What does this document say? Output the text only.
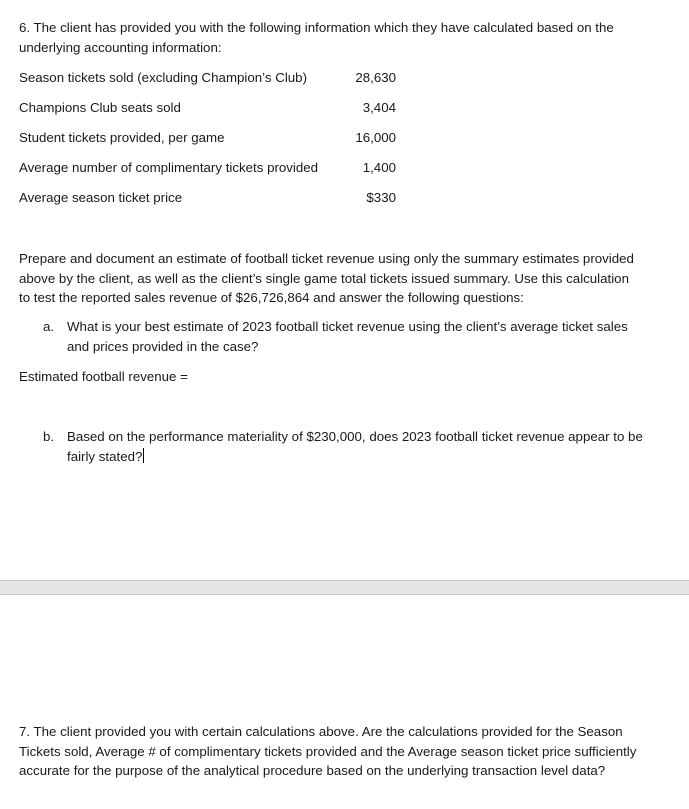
6. The client has provided you with the following information which they have calculated based on the underlying accounting information:

Season tickets sold (excluding Champion’s Club)	28,630
Champions Club seats sold	3,404
Student tickets provided, per game	16,000
Average number of complimentary tickets provided	1,400
Average season ticket price	$330

Prepare and document an estimate of football ticket revenue using only the summary estimates provided above by the client, as well as the client’s single game total tickets issued summary. Use this calculation to test the reported sales revenue of $26,726,864 and answer the following questions:

a. What is your best estimate of 2023 football ticket revenue using the client’s average ticket sales and prices provided in the case?

Estimated football revenue =

b. Based on the performance materiality of $230,000, does 2023 football ticket revenue appear to be fairly stated?

7. The client provided you with certain calculations above. Are the calculations provided for the Season Tickets sold, Average # of complimentary tickets provided and the Average season ticket price sufficiently accurate for the purpose of the analytical procedure based on the underlying transaction level data?
